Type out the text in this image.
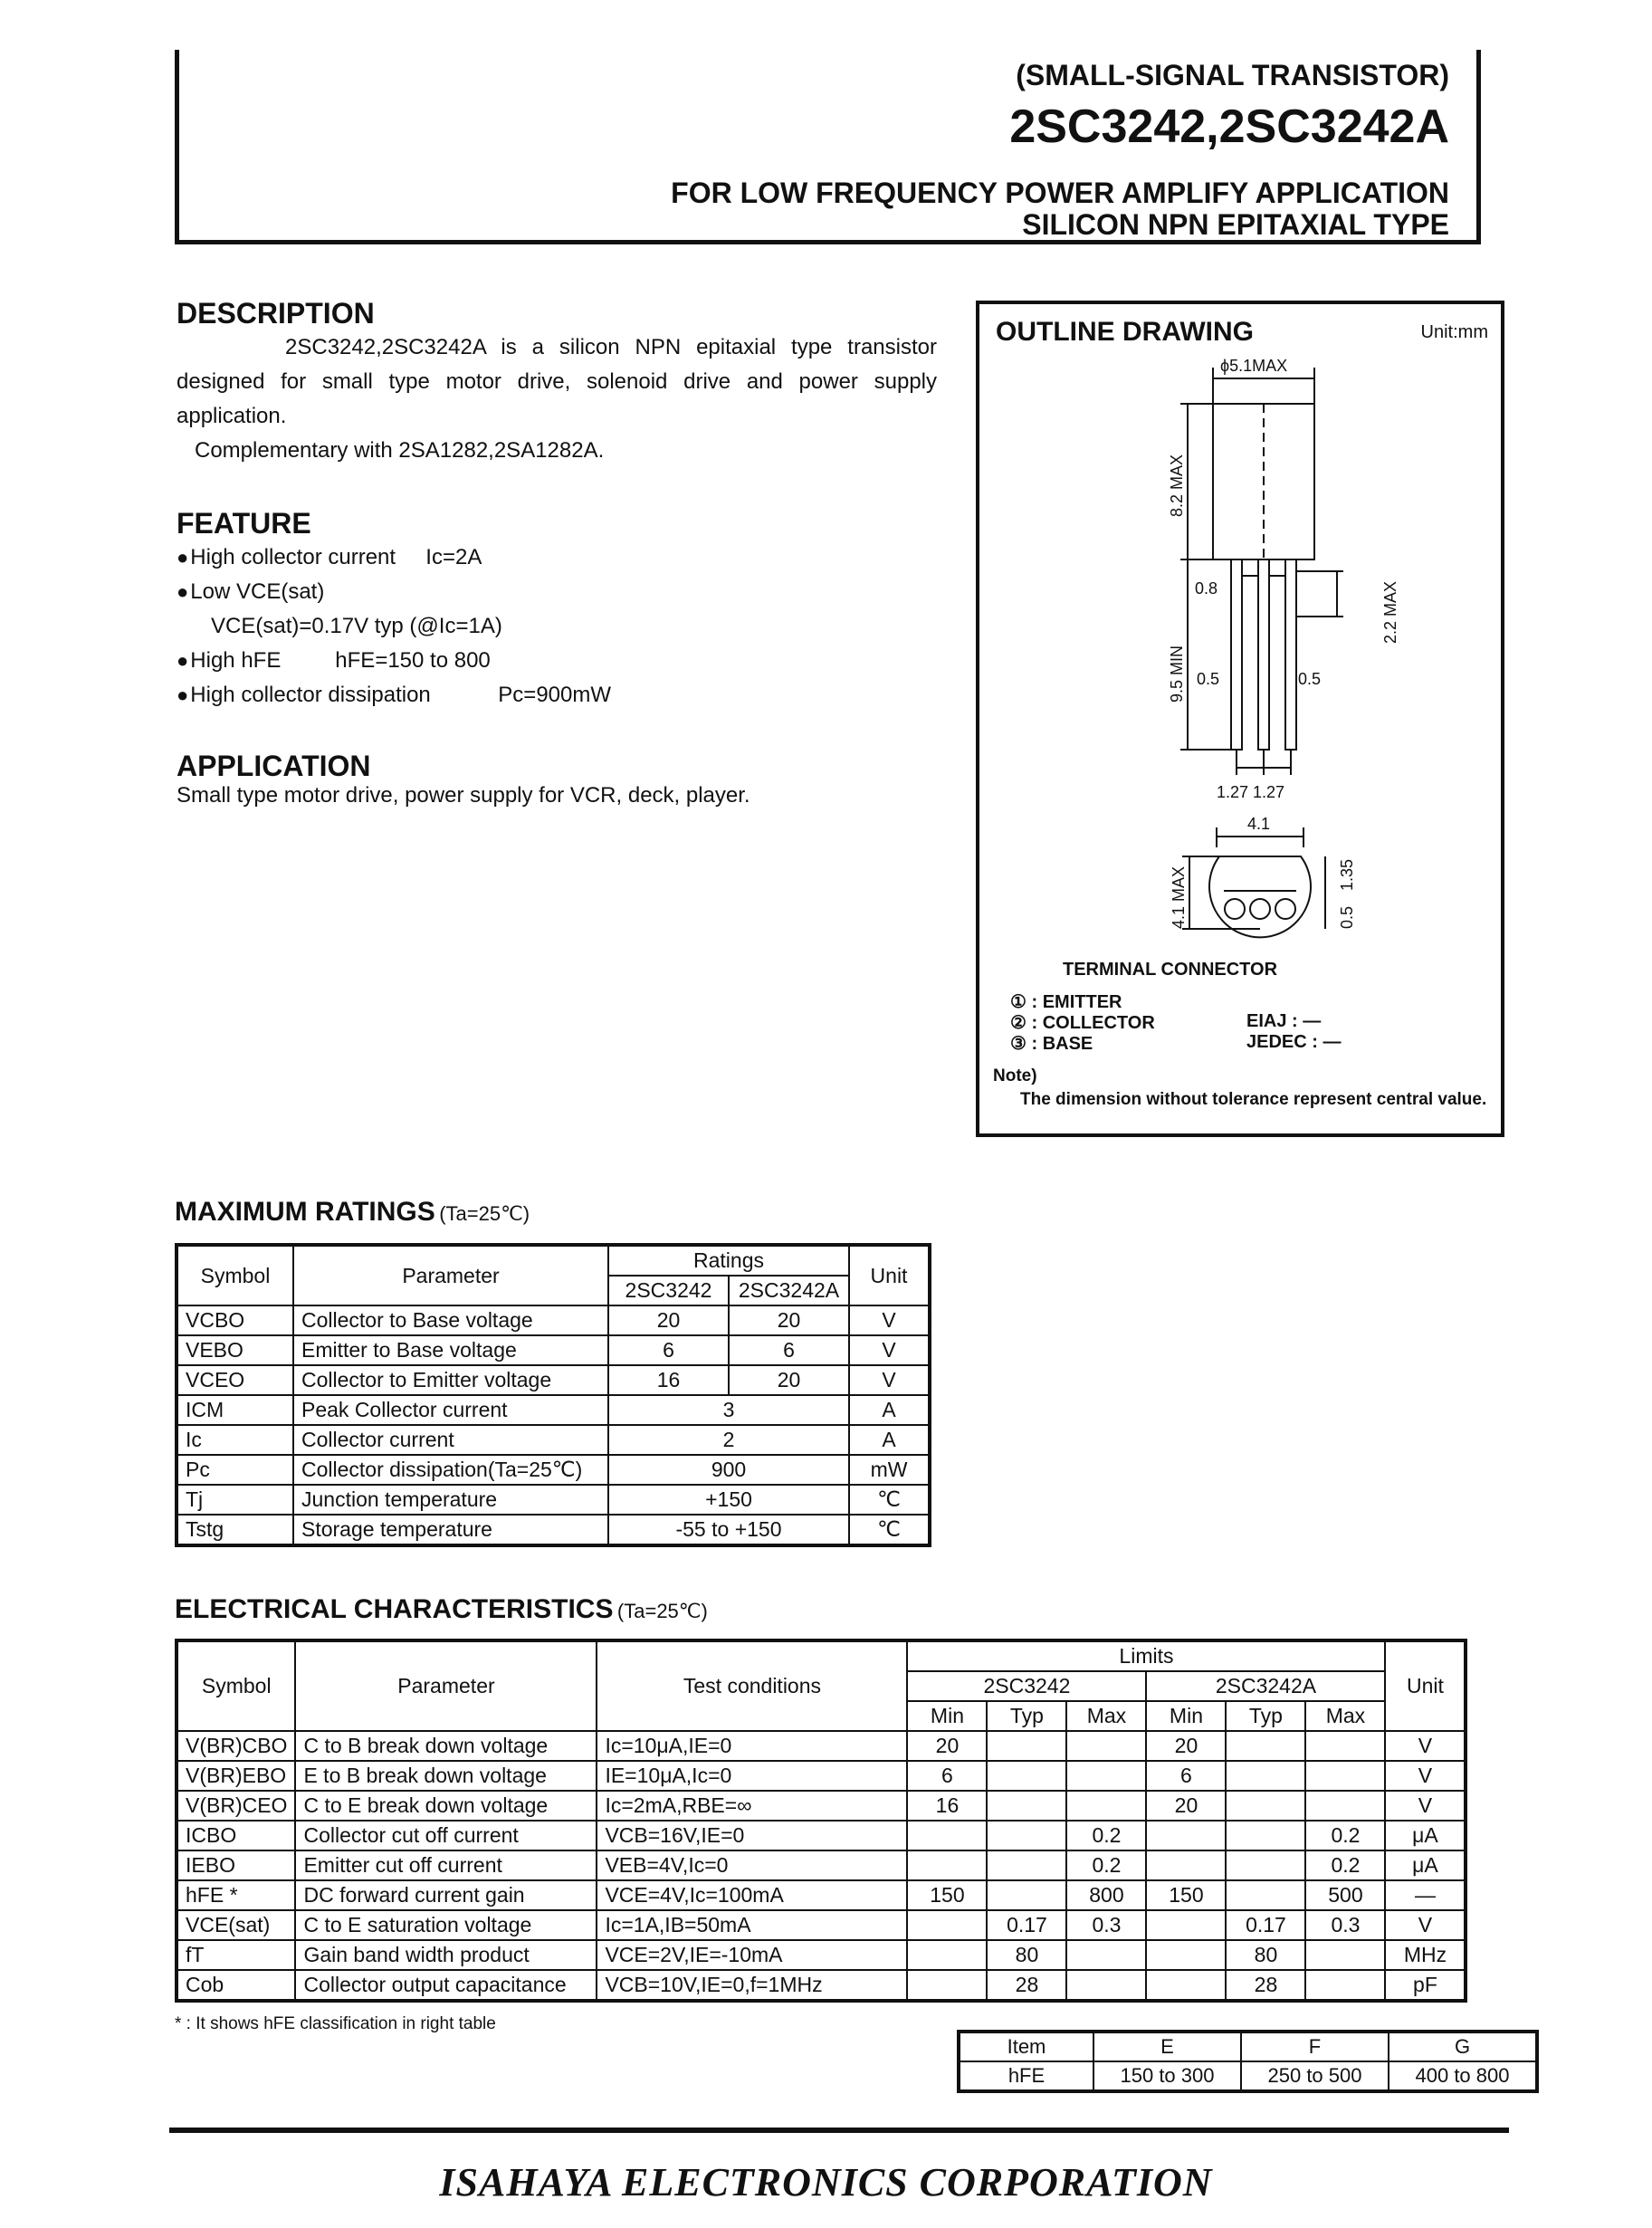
(SMALL-SIGNAL TRANSISTOR)
2SC3242,2SC3242A
FOR LOW FREQUENCY POWER AMPLIFY APPLICATION
SILICON NPN EPITAXIAL TYPE
DESCRIPTION

2SC3242,2SC3242A is a silicon NPN epitaxial type transistor designed for small type motor drive, solenoid drive and power supply application.

Complementary with 2SA1282,2SA1282A.

FEATURE
● High collector current	Ic=2A
● Low VCE(sat)
VCE(sat)=0.17V typ (@Ic=1A)
● High hFE	hFE=150 to 800
● High collector dissipation	Pc=900mW
APPLICATION
Small type motor drive, power supply for VCR, deck, player.
OUTLINE DRAWING	Unit:mm
ϕ5.1MAX
8.2 MAX
0.8
9.5 MIN
2.2 MAX
0.5	0.5
1.27 1.27
4.1
4.1 MAX	1.35
0.5
TERMINAL CONNECTOR
① : EMITTER
② : COLLECTOR
③ : BASE
EIAJ : —
JEDEC : —
Note)
The dimension without tolerance represent central value.
MAXIMUM RATINGS (Ta=25℃)
Symbol	Parameter	Ratings		Unit
		2SC3242	2SC3242A	
VCBO	Collector to Base voltage	20	20	V
VEBO	Emitter to Base voltage	6	6	V
VCEO	Collector to Emitter voltage	16	20	V
ICM	Peak Collector current	3		A
Ic	Collector current	2		A
Pc	Collector dissipation(Ta=25℃)	900		mW
Tj	Junction temperature	+150		℃
Tstg	Storage temperature	-55 to +150		℃
ELECTRICAL CHARACTERISTICS (Ta=25℃)
Symbol	Parameter	Test conditions	Limits						Unit
			2SC3242			2SC3242A			
			Min	Typ	Max	Min	Typ	Max	
V(BR)CBO	C to B break down voltage	Ic=10μA,IE=0	20			20			V
V(BR)EBO	E to B break down voltage	IE=10μA,Ic=0	6			6			V
V(BR)CEO	C to E break down voltage	Ic=2mA,RBE=∞	16			20			V
ICBO	Collector cut off current	VCB=16V,IE=0			0.2			0.2	μA
IEBO	Emitter cut off current	VEB=4V,Ic=0			0.2			0.2	μA
hFE *	DC forward current gain	VCE=4V,Ic=100mA	150		800	150		500	—
VCE(sat)	C to E saturation voltage	Ic=1A,IB=50mA		0.17	0.3		0.17	0.3	V
fT	Gain band width product	VCE=2V,IE=-10mA		80			80		MHz
Cob	Collector output capacitance	VCB=10V,IE=0,f=1MHz		28			28		pF
* : It shows hFE classification in right table
Item	E	F	G
hFE	150 to 300	250 to 500	400 to 800
ISAHAYA ELECTRONICS CORPORATION
